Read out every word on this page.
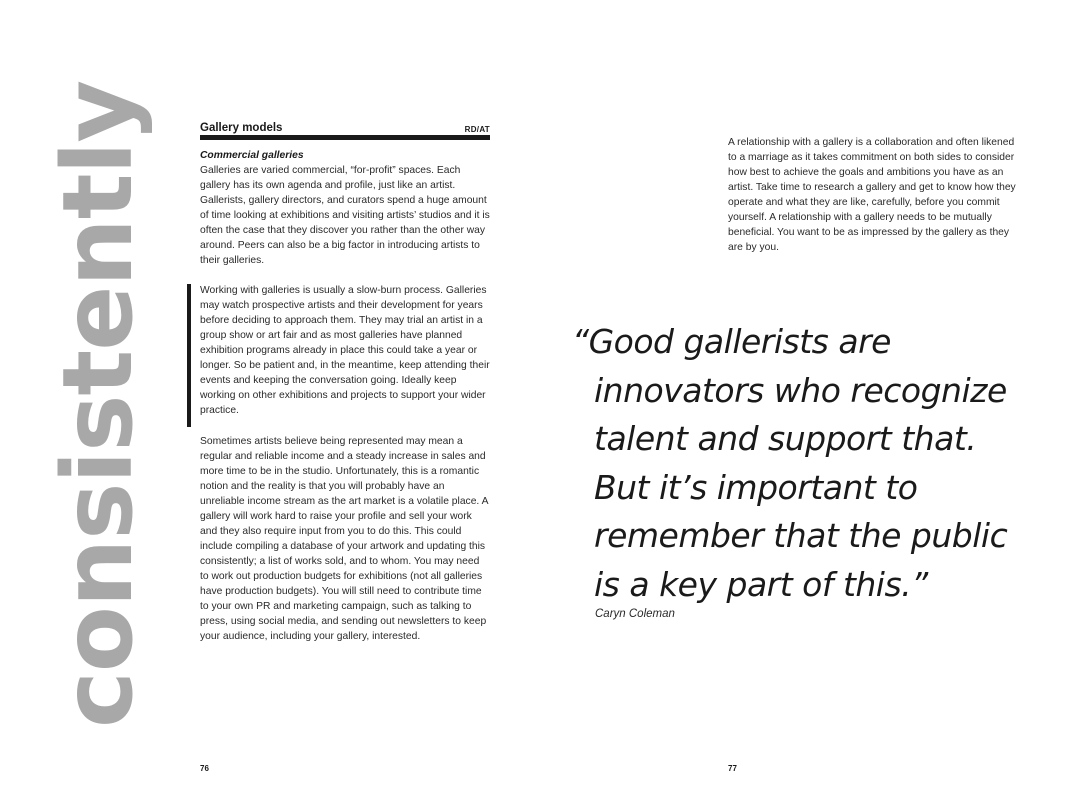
consistently	Gallery models	RD/AT
Commercial galleries

Galleries are varied commercial, “for-profit” spaces. Each gallery has its own agenda and profile, just like an artist. Gallerists, gallery directors, and curators spend a huge amount of time looking at exhibitions and visiting artists’ studios and it is often the case that they discover you rather than the other way around. Peers can also be a big factor in introducing artists to their galleries.

Working with galleries is usually a slow-burn process. Galleries may watch prospective artists and their development for years before deciding to approach them. They may trial an artist in a group show or art fair and as most galleries have planned exhibition programs already in place this could take a year or longer. So be patient and, in the meantime, keep attending their events and keeping the conversation going. Ideally keep working on other exhibitions and projects to support your wider practice.

Sometimes artists believe being represented may mean a regular and reliable income and a steady increase in sales and more time to be in the studio. Unfortunately, this is a romantic notion and the reality is that you will probably have an unreliable income stream as the art market is a volatile place. A gallery will work hard to raise your profile and sell your work and they also require input from you to do this. This could include compiling a database of your artwork and updating this consistently; a list of works sold, and to whom. You may need to work out production budgets for exhibitions (not all galleries have production budgets). You will still need to contribute time to your own PR and marketing campaign, such as talking to press, using social media, and sending out newsletters to keep your audience, including your gallery, interested.

A relationship with a gallery is a collaboration and often likened to a marriage as it takes commitment on both sides to consider how best to achieve the goals and ambitions you have as an artist. Take time to research a gallery and get to know how they operate and what they are like, carefully, before you commit yourself. A relationship with a gallery needs to be mutually beneficial. You want to be as impressed by the gallery as they are by you.

“Good gallerists are
innovators who recognize
talent and support that.
But it’s important to
remember that the public
is a key part of this.”
Caryn Coleman
76	77
